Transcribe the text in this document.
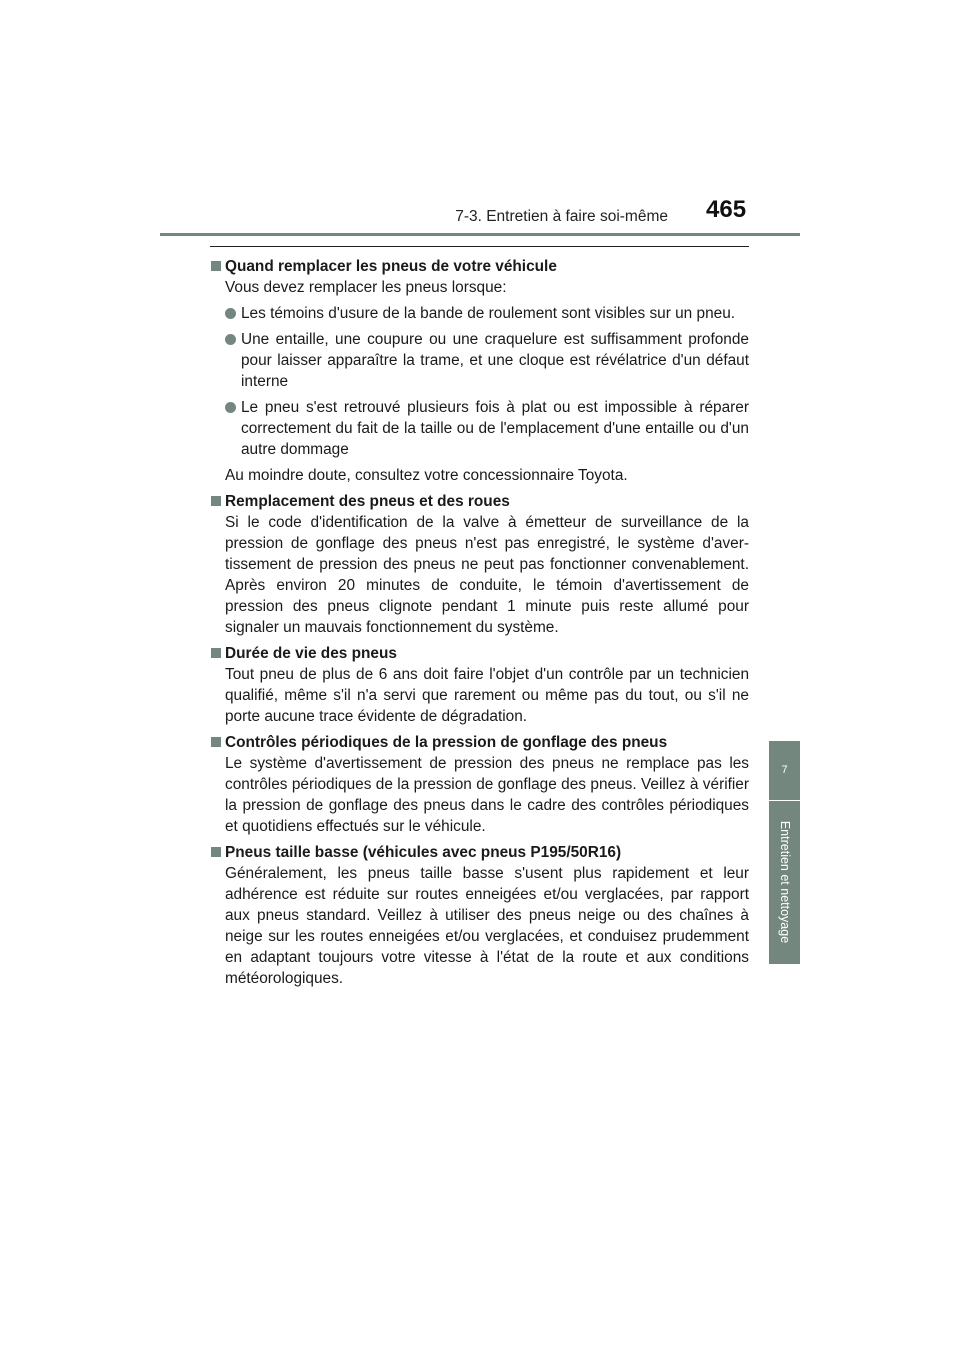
7-3. Entretien à faire soi-même 465
7
Entretien et nettoyage
Quand remplacer les pneus de votre véhicule
Vous devez remplacer les pneus lorsque:
Les témoins d'usure de la bande de roulement sont visibles sur un pneu.
Une entaille, une coupure ou une craquelure est suffisamment profonde pour laisser apparaître la trame, et une cloque est révélatrice d'un défaut interne
Le pneu s'est retrouvé plusieurs fois à plat ou est impossible à réparer correctement du fait de la taille ou de l'emplacement d'une entaille ou d'un autre dommage
Au moindre doute, consultez votre concessionnaire Toyota.
Remplacement des pneus et des roues
Si le code d'identification de la valve à émetteur de surveillance de la pression de gonflage des pneus n'est pas enregistré, le système d'avertissement de pression des pneus ne peut pas fonctionner convenablement. Après environ 20 minutes de conduite, le témoin d'avertissement de pression des pneus clignote pendant 1 minute puis reste allumé pour signaler un mauvais fonctionnement du système.
Durée de vie des pneus
Tout pneu de plus de 6 ans doit faire l'objet d'un contrôle par un technicien qualifié, même s'il n'a servi que rarement ou même pas du tout, ou s'il ne porte aucune trace évidente de dégradation.
Contrôles périodiques de la pression de gonflage des pneus
Le système d'avertissement de pression des pneus ne remplace pas les contrôles périodiques de la pression de gonflage des pneus. Veillez à vérifier la pression de gonflage des pneus dans le cadre des contrôles périodiques et quotidiens effectués sur le véhicule.
Pneus taille basse (véhicules avec pneus P195/50R16)
Généralement, les pneus taille basse s'usent plus rapidement et leur adhérence est réduite sur routes enneigées et/ou verglacées, par rapport aux pneus standard. Veillez à utiliser des pneus neige ou des chaînes à neige sur les routes enneigées et/ou verglacées, et conduisez prudemment en adaptant toujours votre vitesse à l'état de la route et aux conditions météorologiques.
